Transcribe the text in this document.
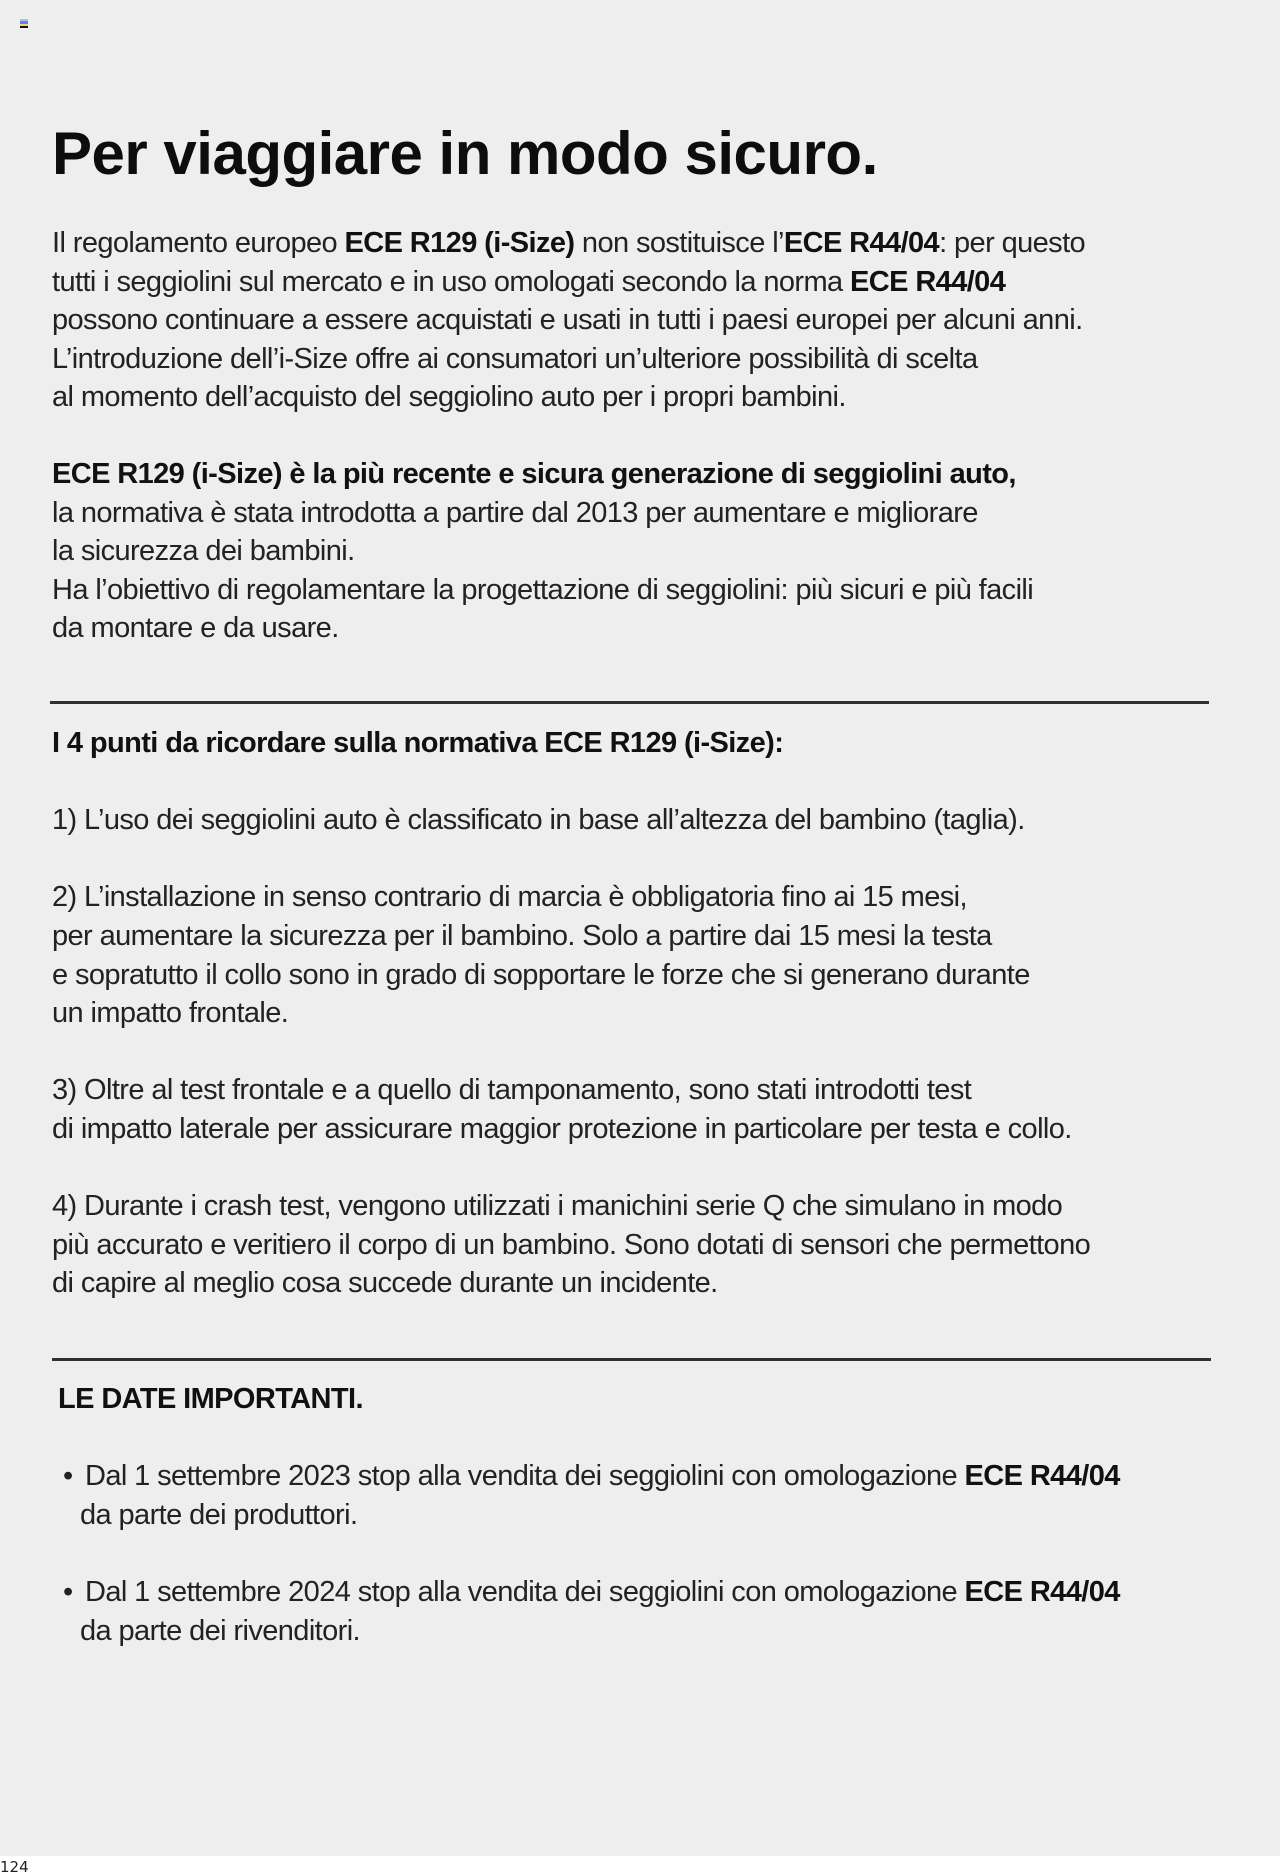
Per viaggiare in modo sicuro.
Il regolamento europeo ECE R129 (i-Size) non sostituisce l’ECE R44/04: per questo
tutti i seggiolini sul mercato e in uso omologati secondo la norma ECE R44/04
possono continuare a essere acquistati e usati in tutti i paesi europei per alcuni anni.
L’introduzione dell’i-Size offre ai consumatori un’ulteriore possibilità di scelta
al momento dell’acquisto del seggiolino auto per i propri bambini.
ECE R129 (i-Size) è la più recente e sicura generazione di seggiolini auto,
la normativa è stata introdotta a partire dal 2013 per aumentare e migliorare
la sicurezza dei bambini.
Ha l’obiettivo di regolamentare la progettazione di seggiolini: più sicuri e più facili
da montare e da usare.
I 4 punti da ricordare sulla normativa ECE R129 (i-Size):
1) L’uso dei seggiolini auto è classificato in base all’altezza del bambino (taglia).
2) L’installazione in senso contrario di marcia è obbligatoria fino ai 15 mesi,
per aumentare la sicurezza per il bambino. Solo a partire dai 15 mesi la testa
e sopratutto il collo sono in grado di sopportare le forze che si generano durante
un impatto frontale.
3) Oltre al test frontale e a quello di tamponamento, sono stati introdotti test
di impatto laterale per assicurare maggior protezione in particolare per testa e collo.
4) Durante i crash test, vengono utilizzati i manichini serie Q che simulano in modo
più accurato e veritiero il corpo di un bambino. Sono dotati di sensori che permettono
di capire al meglio cosa succede durante un incidente.
LE DATE IMPORTANTI.
• Dal 1 settembre 2023 stop alla vendita dei seggiolini con omologazione ECE R44/04
da parte dei produttori.
• Dal 1 settembre 2024 stop alla vendita dei seggiolini con omologazione ECE R44/04
da parte dei rivenditori.
124
